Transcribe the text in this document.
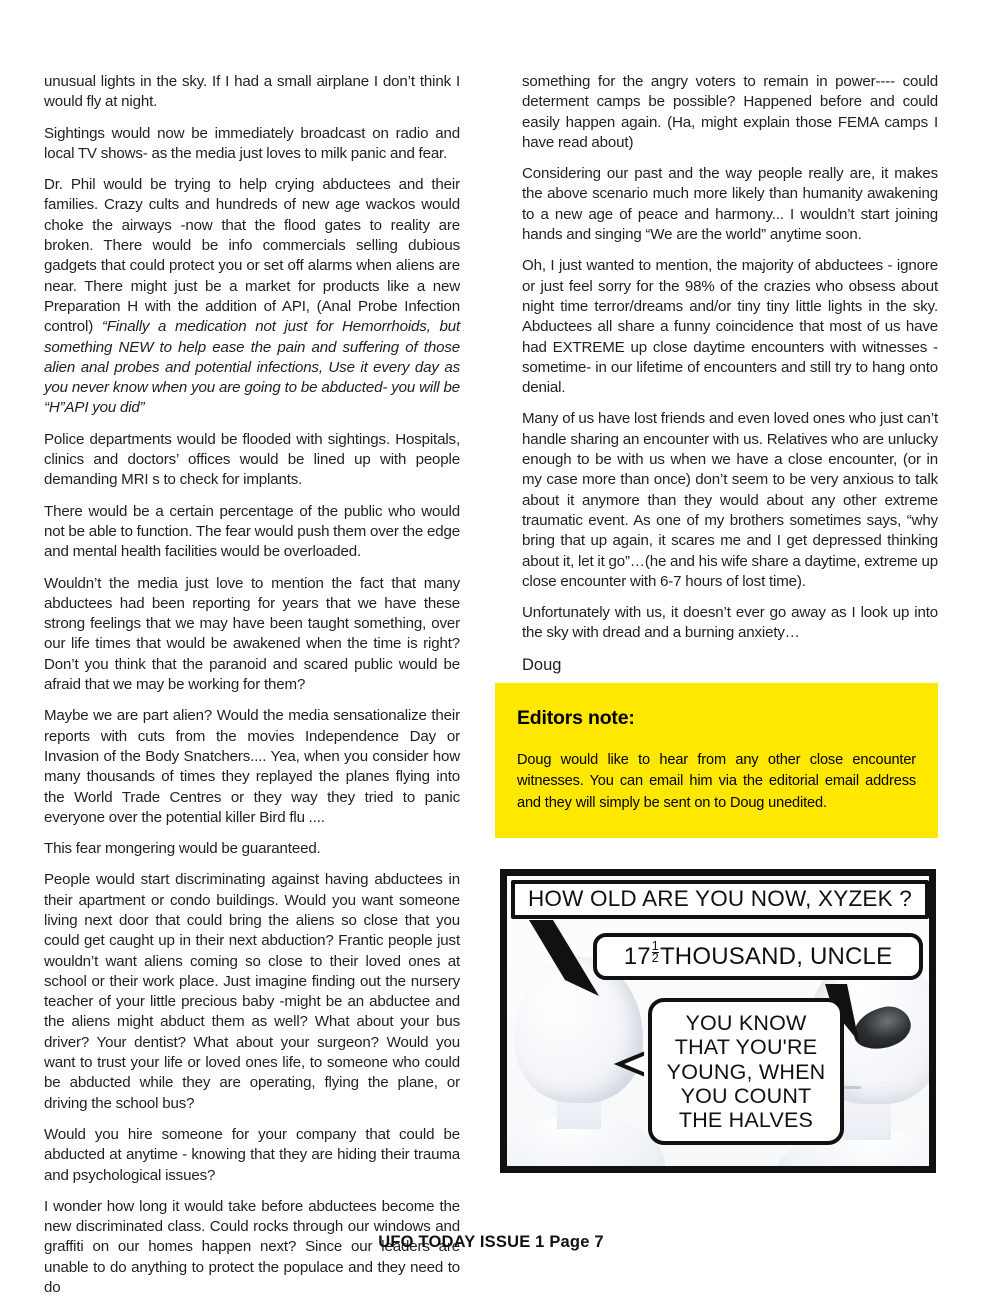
unusual lights in the sky. If I had a small airplane I don’t think I would fly at night.

Sightings would now be immediately broadcast on radio and local TV shows- as the media just loves to milk panic and fear.

Dr. Phil would be trying to help crying abductees and their families. Crazy cults and hundreds of new age wackos would choke the airways -now that the flood gates to reality are broken. There would be info commercials selling dubious gadgets that could protect you or set off alarms when aliens are near. There might just be a market for products like a new Preparation H with the addition of API, (Anal Probe Infection control) “Finally a medication not just for Hemorrhoids, but something NEW to help ease the pain and suffering of those alien anal probes and potential infections, Use it every day as you never know when you are going to be abducted- you will be “H”API you did”

Police departments would be flooded with sightings. Hospitals, clinics and doctors’ offices would be lined up with people demanding MRI s to check for implants.

There would be a certain percentage of the public who would not be able to function. The fear would push them over the edge and mental health facilities would be overloaded.

Wouldn’t the media just love to mention the fact that many abductees had been reporting for years that we have these strong feelings that we may have been taught something, over our life times that would be awakened when the time is right? Don’t you think that the paranoid and scared public would be afraid that we may be working for them?

Maybe we are part alien? Would the media sensationalize their reports with cuts from the movies Independence Day or Invasion of the Body Snatchers.... Yea, when you consider how many thousands of times they replayed the planes flying into the World Trade Centres or they way they tried to panic everyone over the potential killer Bird flu ....

This fear mongering would be guaranteed.

People would start discriminating against having abductees in their apartment or condo buildings. Would you want someone living next door that could bring the aliens so close that you could get caught up in their next abduction? Frantic people just wouldn’t want aliens coming so close to their loved ones at school or their work place. Just imagine finding out the nursery teacher of your little precious baby -might be an abductee and the aliens might abduct them as well? What about your bus driver? Your dentist? What about your surgeon? Would you want to trust your life or loved ones life, to someone who could be abducted while they are operating, flying the plane, or driving the school bus?

Would you hire someone for your company that could be abducted at anytime - knowing that they are hiding their trauma and psychological issues?

I wonder how long it would take before abductees become the new discriminated class. Could rocks through our windows and graffiti on our homes happen next? Since our leaders are unable to do anything to protect the populace and they need to do

something for the angry voters to remain in power---- could determent camps be possible? Happened before and could easily happen again. (Ha, might explain those FEMA camps I have read about)

Considering our past and the way people really are, it makes the above scenario much more likely than humanity awakening to a new age of peace and harmony... I wouldn’t start joining hands and singing “We are the world” anytime soon.

Oh, I just wanted to mention, the majority of abductees - ignore or just feel sorry for the 98% of the crazies who obsess about night time terror/dreams and/or tiny tiny little lights in the sky. Abductees all share a funny coincidence that most of us have had EXTREME up close daytime encounters with witnesses -sometime- in our lifetime of encounters and still try to hang onto denial.

Many of us have lost friends and even loved ones who just can’t handle sharing an encounter with us. Relatives who are unlucky enough to be with us when we have a close encounter, (or in my case more than once) don’t seem to be very anxious to talk about it anymore than they would about any other extreme traumatic event. As one of my brothers sometimes says, “why bring that up again, it scares me and I get depressed thinking about it, let it go”…(he and his wife share a daytime, extreme up close encounter with 6-7 hours of lost time).

Unfortunately with us, it doesn’t ever go away as I look up into the sky with dread and a burning anxiety…

Doug

Editors note:
Doug would like to hear from any other close encounter witnesses. You can email him via the editorial email address and they will simply be sent on to Doug unedited.
HOW OLD ARE YOU NOW, XYZEK ?
$17 \frac{1}{2}$ THOUSAND, UNCLE
YOU KNOW
THAT YOU'RE
YOUNG, WHEN
YOU COUNT
THE HALVES
UFO TODAY ISSUE 1 Page 7
